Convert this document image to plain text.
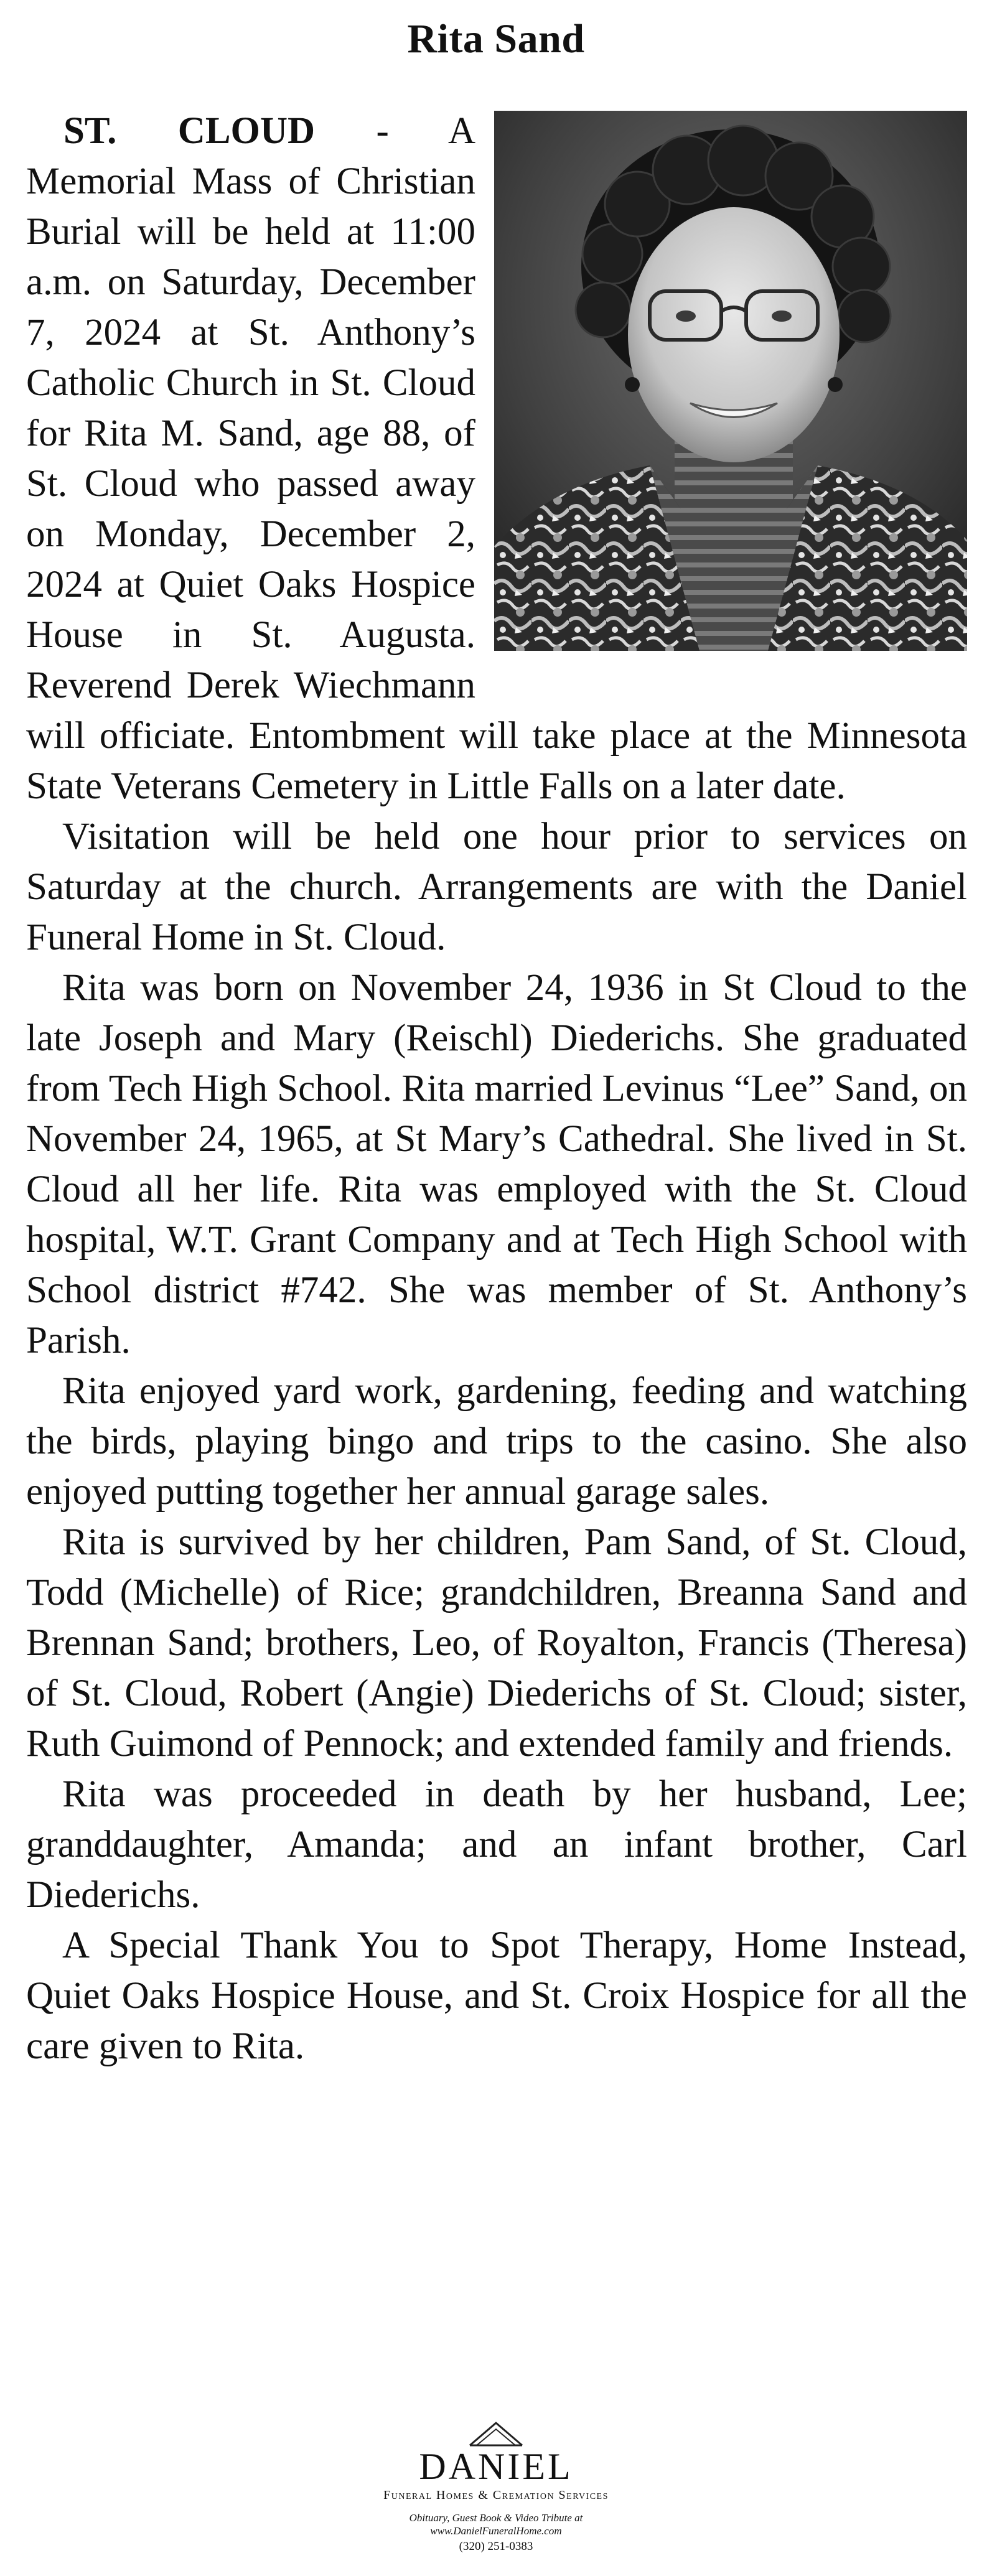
Rita Sand

ST. CLOUD - A Memorial Mass of Christian Burial will be held at 11:00 a.m. on Saturday, December 7, 2024 at St. Anthony’s Catholic Church in St. Cloud for Rita M. Sand, age 88, of St. Cloud who passed away on Monday, December 2, 2024 at Quiet Oaks Hospice House in St. Augusta. Reverend Derek Wiechmann will officiate. Entombment will take place at the Minnesota State Veterans Cemetery in Little Falls on a later date.

Visitation will be held one hour prior to services on Saturday at the church. Arrangements are with the Daniel Funeral Home in St. Cloud.

Rita was born on November 24, 1936 in St Cloud to the late Joseph and Mary (Reischl) Diederichs. She graduated from Tech High School. Rita married Levinus “Lee” Sand, on November 24, 1965, at St Mary’s Cathedral. She lived in St. Cloud all her life. Rita was employed with the St. Cloud hospital, W.T. Grant Company and at Tech High School with School district #742. She was member of St. Anthony’s Parish.

Rita enjoyed yard work, gardening, feeding and watching the birds, playing bingo and trips to the casino. She also enjoyed putting together her annual garage sales.

Rita is survived by her children, Pam Sand, of St. Cloud, Todd (Michelle) of Rice; grandchildren, Breanna Sand and Brennan Sand; brothers, Leo, of Royalton, Francis (Theresa) of St. Cloud, Robert (Angie) Diederichs of St. Cloud; sister, Ruth Guimond of Pennock; and extended family and friends.

Rita was proceeded in death by her husband, Lee; granddaughter, Amanda; and an infant brother, Carl Diederichs.

A Special Thank You to Spot Therapy, Home Instead, Quiet Oaks Hospice House, and St. Croix Hospice for all the care given to Rita.

DANIEL
Funeral Homes & Cremation Services
Obituary, Guest Book & Video Tribute at
www.DanielFuneralHome.com
(320) 251-0383
